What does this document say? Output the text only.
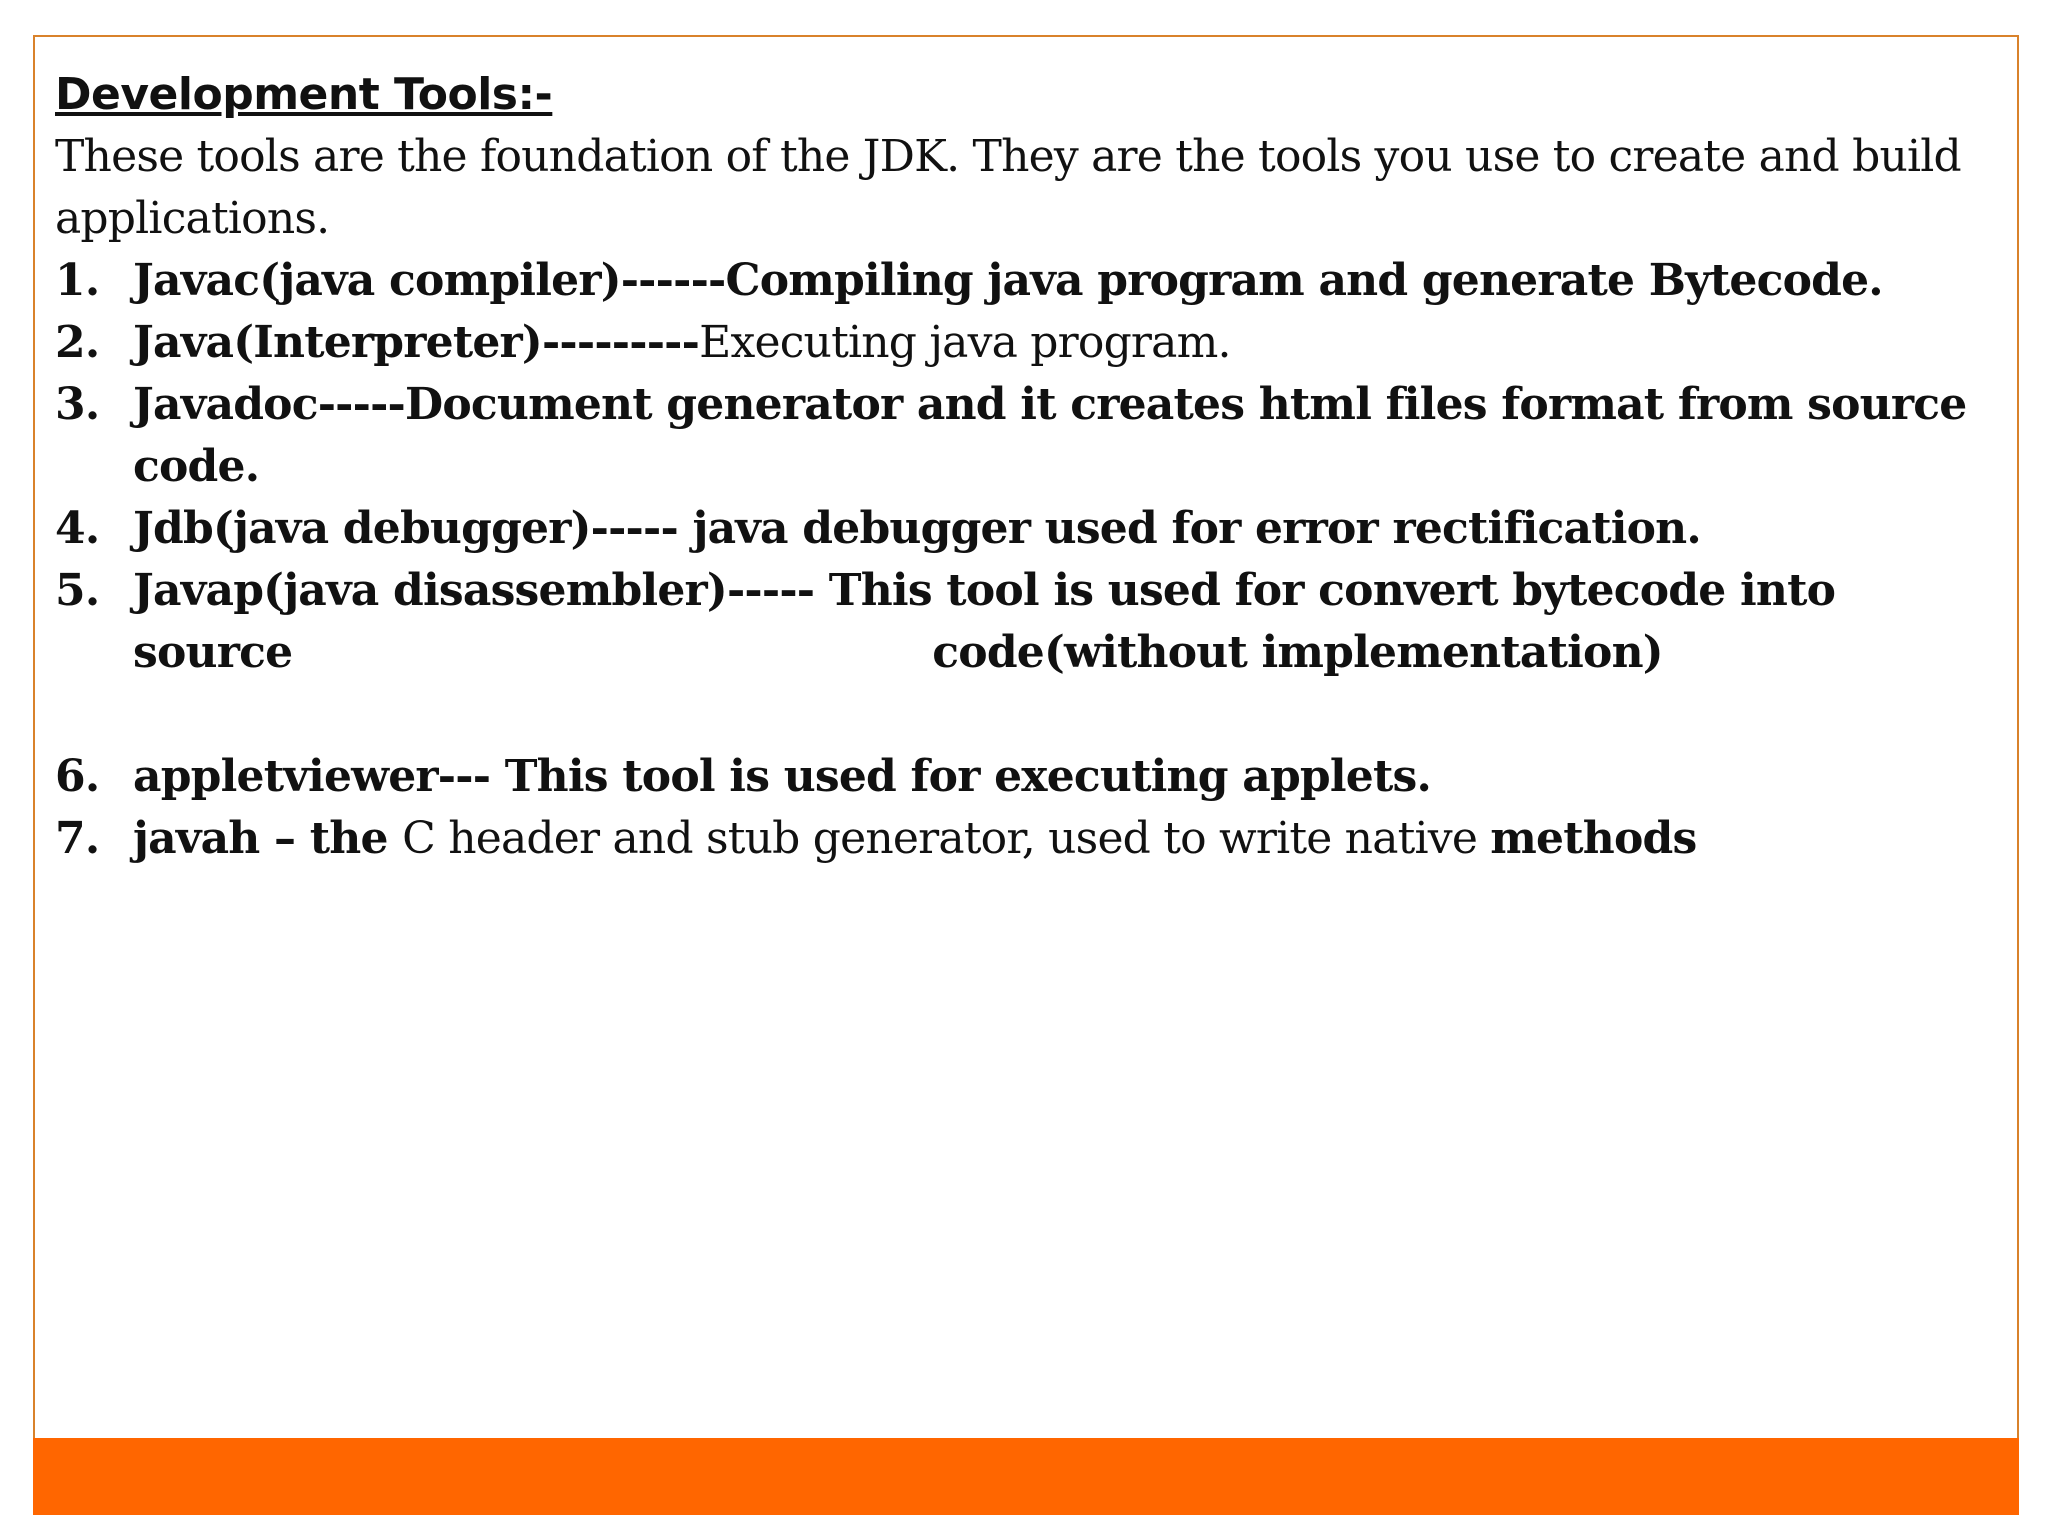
Development Tools:-

These tools are the foundation of the JDK. They are the tools you use to create and build applications.

1. Javac(java compiler)------Compiling java program and generate Bytecode.
2. Java(Interpreter)---------Executing java program.
3. Javadoc-----Document generator and it creates html files format from source code.
4. Jdb(java debugger)----- java debugger used for error rectification.
5. Javap(java disassembler)----- This tool is used for convert bytecode into source	code(without implementation)
6. appletviewer--- This tool is used for executing applets.
7. javah – the C header and stub generator, used to write native methods
